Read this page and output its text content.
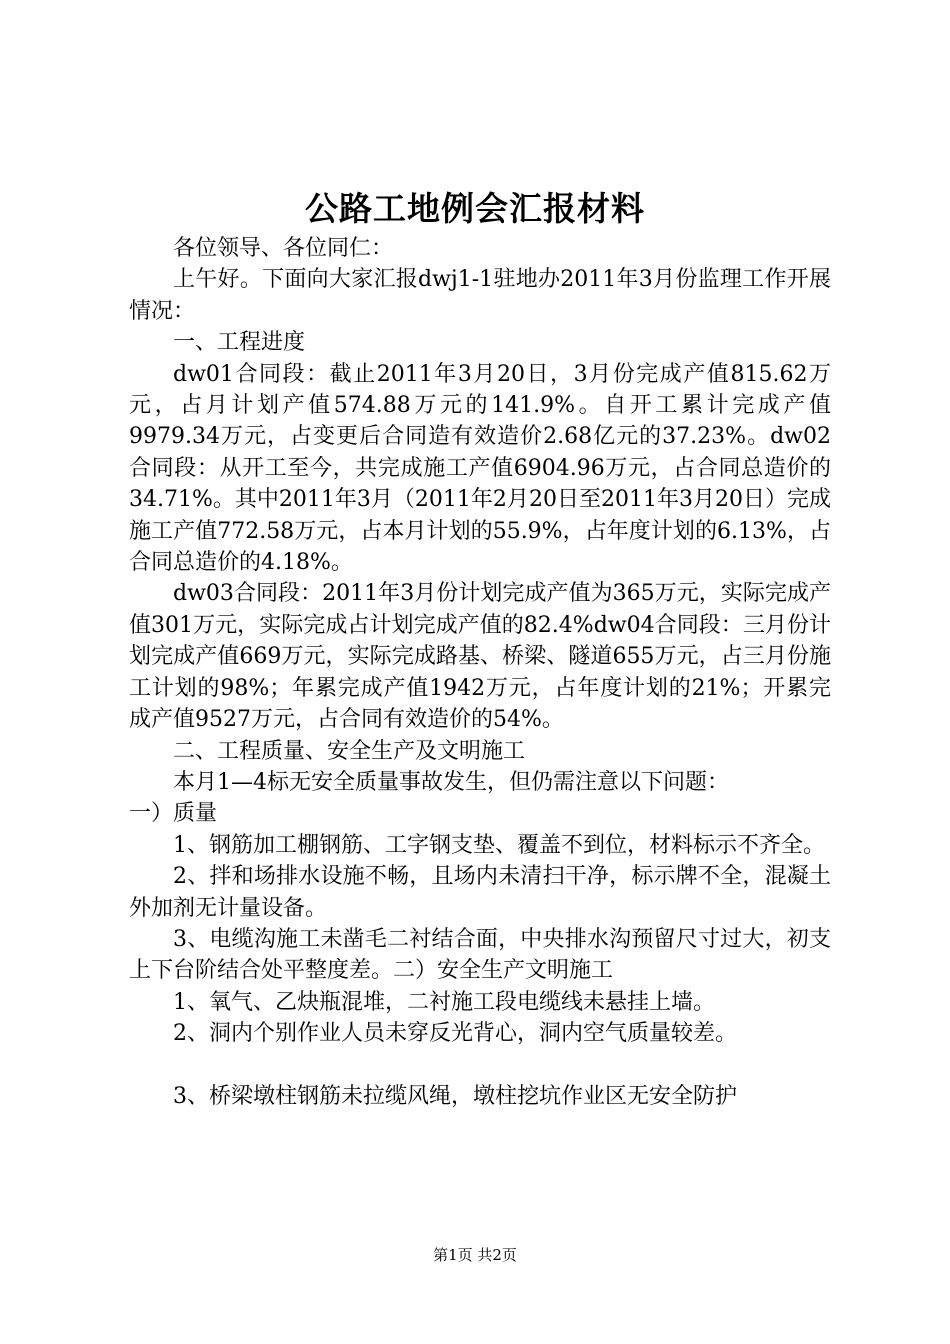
公路工地例会汇报材料

各位领导、各位同仁：

上午好。下面向大家汇报dwj1-1驻地办2011年3月份监理工作开展情况：

一、工程进度

dw01合同段：截止2011年3月20日，3月份完成产值815.62万元，占月计划产值574.88万元的141.9%。自开工累计完成产值9979.34万元，占变更后合同造有效造价2.68亿元的37.23%。dw02合同段：从开工至今，共完成施工产值6904.96万元，占合同总造价的34.71%。其中2011年3月（2011年2月20日至2011年3月20日）完成施工产值772.58万元，占本月计划的55.9%，占年度计划的6.13%，占合同总造价的4.18%。

dw03合同段：2011年3月份计划完成产值为365万元，实际完成产值301万元，实际完成占计划完成产值的82.4%dw04合同段：三月份计划完成产值669万元，实际完成路基、桥梁、隧道655万元，占三月份施工计划的98%；年累完成产值1942万元，占年度计划的21%；开累完成产值9527万元，占合同有效造价的54%。

二、工程质量、安全生产及文明施工

本月1—4标无安全质量事故发生，但仍需注意以下问题：

一）质量

1、钢筋加工棚钢筋、工字钢支垫、覆盖不到位，材料标示不齐全。

2、拌和场排水设施不畅，且场内未清扫干净，标示牌不全，混凝土外加剂无计量设备。

3、电缆沟施工未凿毛二衬结合面，中央排水沟预留尺寸过大，初支上下台阶结合处平整度差。二）安全生产文明施工

1、氧气、乙炔瓶混堆，二衬施工段电缆线未悬挂上墙。

2、洞内个别作业人员未穿反光背心，洞内空气质量较差。

3、桥梁墩柱钢筋未拉缆风绳，墩柱挖坑作业区无安全防护

第1页 共2页
